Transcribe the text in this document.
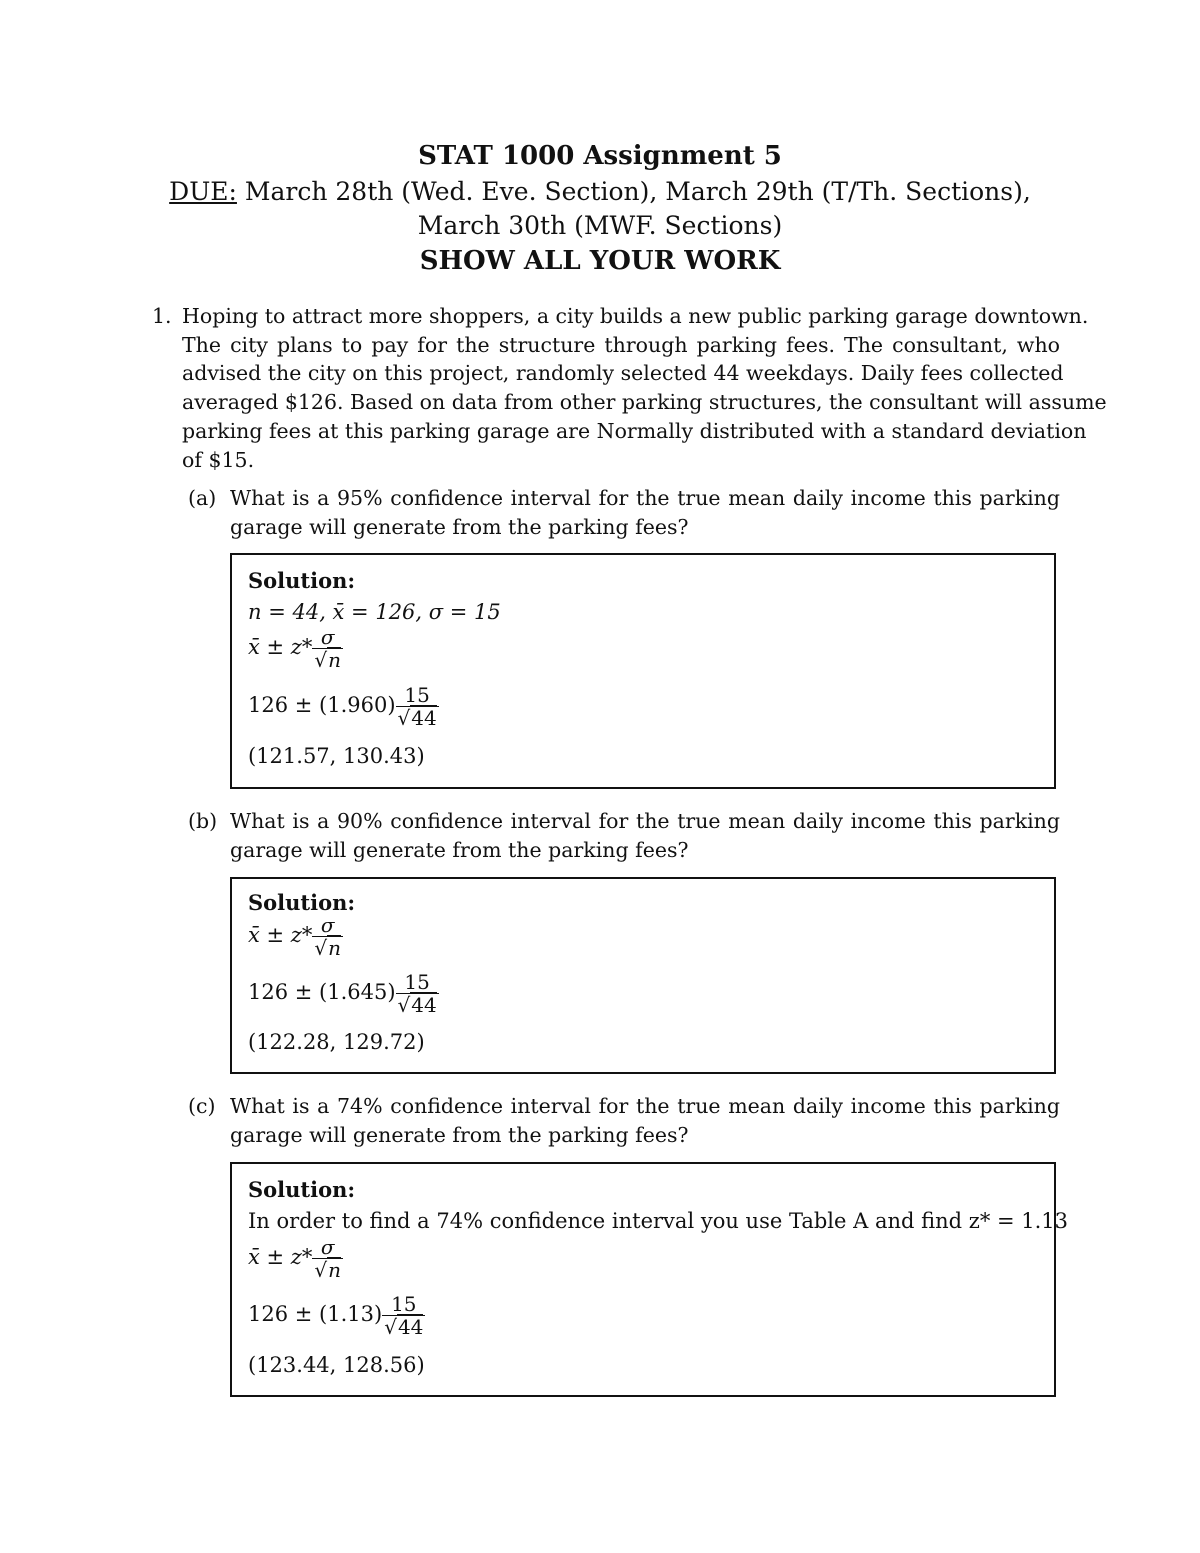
STAT 1000 Assignment 5
DUE: March 28th (Wed. Eve. Section), March 29th (T/Th. Sections),
March 30th (MWF. Sections)
SHOW ALL YOUR WORK
1. Hoping to attract more shoppers, a city builds a new public parking garage downtown.
The city plans to pay for the structure through parking fees. The consultant, who
advised the city on this project, randomly selected 44 weekdays. Daily fees collected
averaged $126. Based on data from other parking structures, the consultant will assume
parking fees at this parking garage are Normally distributed with a standard deviation
of $15.
(a) What is a 95% confidence interval for the true mean daily income this parking
garage will generate from the parking fees?
(b) What is a 90% confidence interval for the true mean daily income this parking
garage will generate from the parking fees?
(c) What is a 74% confidence interval for the true mean daily income this parking
garage will generate from the parking fees?
Solution:
n = 44, x̄ = 126, σ = 15
x̄ ± $z* \frac{\sigma}{√n}$
$126 \pm (1.960) \frac{15}{√44}$
(121.57, 130.43)
Solution:
x̄ ± $z* \frac{\sigma}{√n}$
$126 \pm (1.645) \frac{15}{√44}$
(122.28, 129.72)
Solution:
In order to find a 74% confidence interval you use Table A and find z* = 1.13
x̄ ± $z* \frac{\sigma}{√n}$
$126 \pm (1.13) \frac{15}{√44}$
(123.44, 128.56)
